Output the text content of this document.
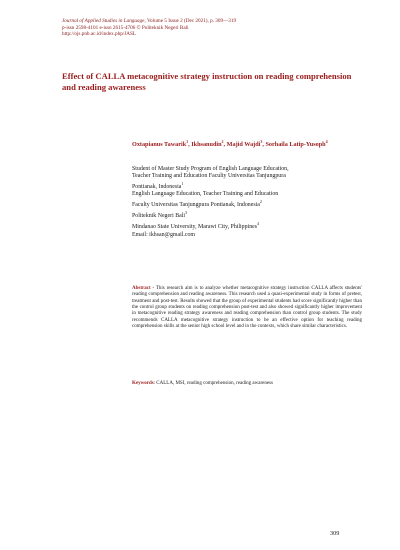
Journal of Applied Studies in Language, Volume 5 Issue 2 (Dec 2021), p. 309—319
p-issn 2598-4101 e-issn 2615-4706 © Politeknik Negeri Bali
http://ojs.pnb.ac.id/index.php/JASL
Effect of CALLA metacognitive strategy instruction on reading comprehension and reading awareness
Oxtapianus Tawarik$^1$, Ikhsanudin$^2$, Majid Wajdi$^3$, Sorhaila Latip-Yusoph$^4$
Student of Master Study Program of English Language Education,
Teacher Training and Education Faculty Universitas Tanjungpura
Pontianak, Indonesia$^1$
English Language Education, Teacher Training and Education
Faculty Universitas Tanjungpura Pontianak, Indonesia$^2$
Politeknik Negeri Bali$^3$
Mindanao State University, Marawi City, Philippines$^4$
Email: ikhsan@gmail.com
Abstract - This research aim is to analyze whether metacognitive strategy instruction CALLA affects students' reading comprehension and reading awareness. This research used a quasi-experimental study in forms of pretest, treatment and post-test. Results showed that the group of experimental students had score significantly higher than the control group students on reading comprehension post-test and also showed significantly higher improvement in metacognitive reading strategy awareness and reading comprehension than control group students. The study recommends CALLA metacognitive strategy instruction to be an effective option for teaching reading comprehension skills at the senior high school level and in the contexts, which share similar characteristics.
Keywords: CALLA, MSI, reading comprehension, reading awareness
309
